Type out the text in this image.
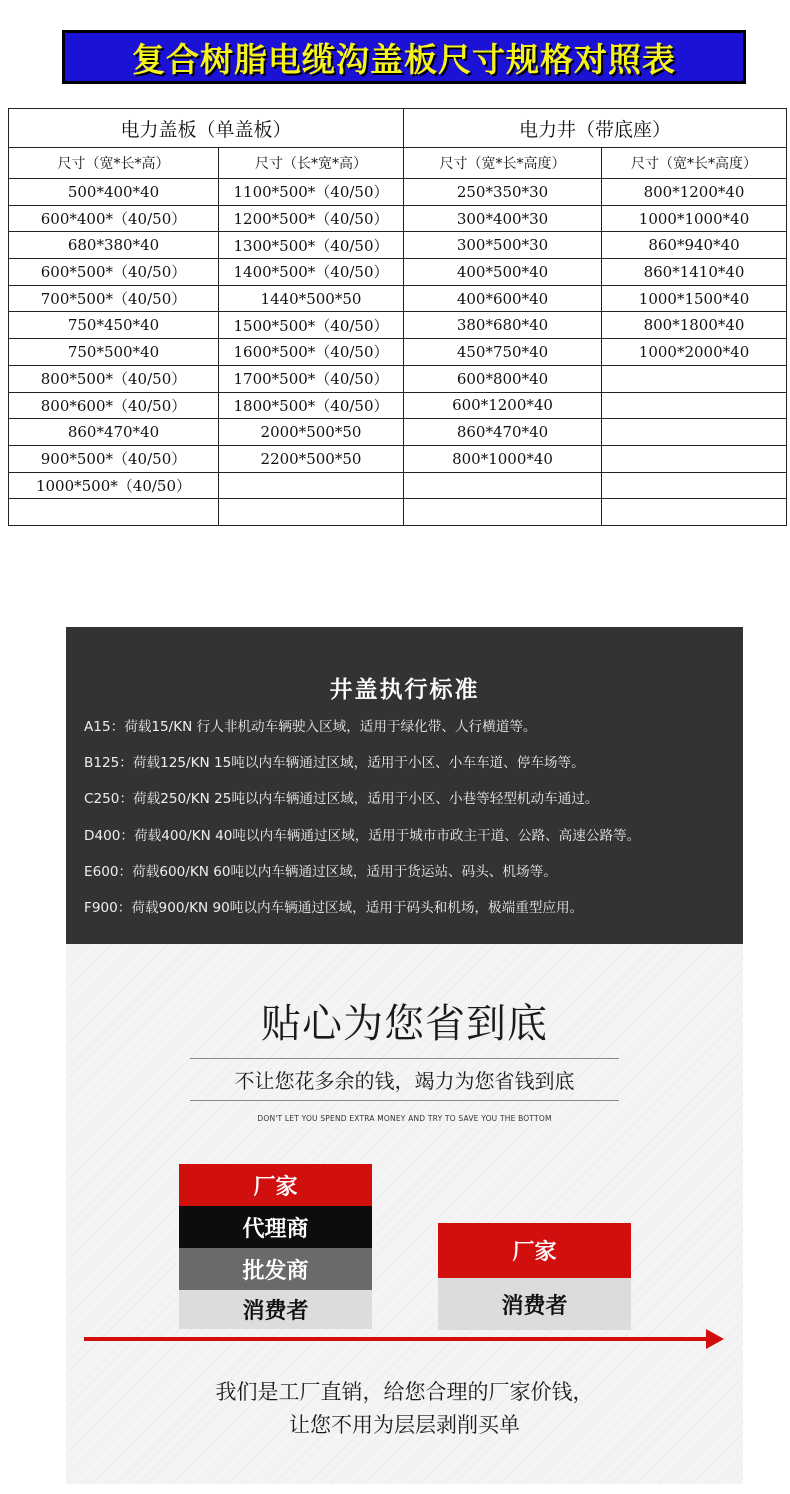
复合树脂电缆沟盖板尺寸规格对照表
电力盖板（单盖板）		电力井（带底座）	
尺寸（宽*长*高）	尺寸（长*宽*高）	尺寸（宽*长*高度）	尺寸（宽*长*高度）
500*400*40	1100*500*（40/50）	250*350*30	800*1200*40
600*400*（40/50）	1200*500*（40/50）	300*400*30	1000*1000*40
680*380*40	1300*500*（40/50）	300*500*30	860*940*40
600*500*（40/50）	1400*500*（40/50）	400*500*40	860*1410*40
700*500*（40/50）	1440*500*50	400*600*40	1000*1500*40
750*450*40	1500*500*（40/50）	380*680*40	800*1800*40
750*500*40	1600*500*（40/50）	450*750*40	1000*2000*40
800*500*（40/50）	1700*500*（40/50）	600*800*40	
800*600*（40/50）	1800*500*（40/50）	600*1200*40	
860*470*40	2000*500*50	860*470*40	
900*500*（40/50）	2200*500*50	800*1000*40	
1000*500*（40/50）			

井盖执行标准
A15：荷载15/KN 行人非机动车辆驶入区域，适用于绿化带、人行横道等。
B125：荷载125/KN 15吨以内车辆通过区域，适用于小区、小车车道、停车场等。
C250：荷载250/KN 25吨以内车辆通过区域，适用于小区、小巷等轻型机动车通过。
D400：荷载400/KN 40吨以内车辆通过区域，适用于城市市政主干道、公路、高速公路等。
E600：荷载600/KN 60吨以内车辆通过区域，适用于货运站、码头、机场等。
F900：荷载900/KN 90吨以内车辆通过区域，适用于码头和机场，极端重型应用。
贴心为您省到底
不让您花多余的钱，竭力为您省钱到底
DON'T LET YOU SPEND EXTRA MONEY AND TRY TO SAVE YOU THE BOTTOM
厂家
代理商
批发商
消费者
厂家
消费者
我们是工厂直销，给您合理的厂家价钱，
让您不用为层层剥削买单
